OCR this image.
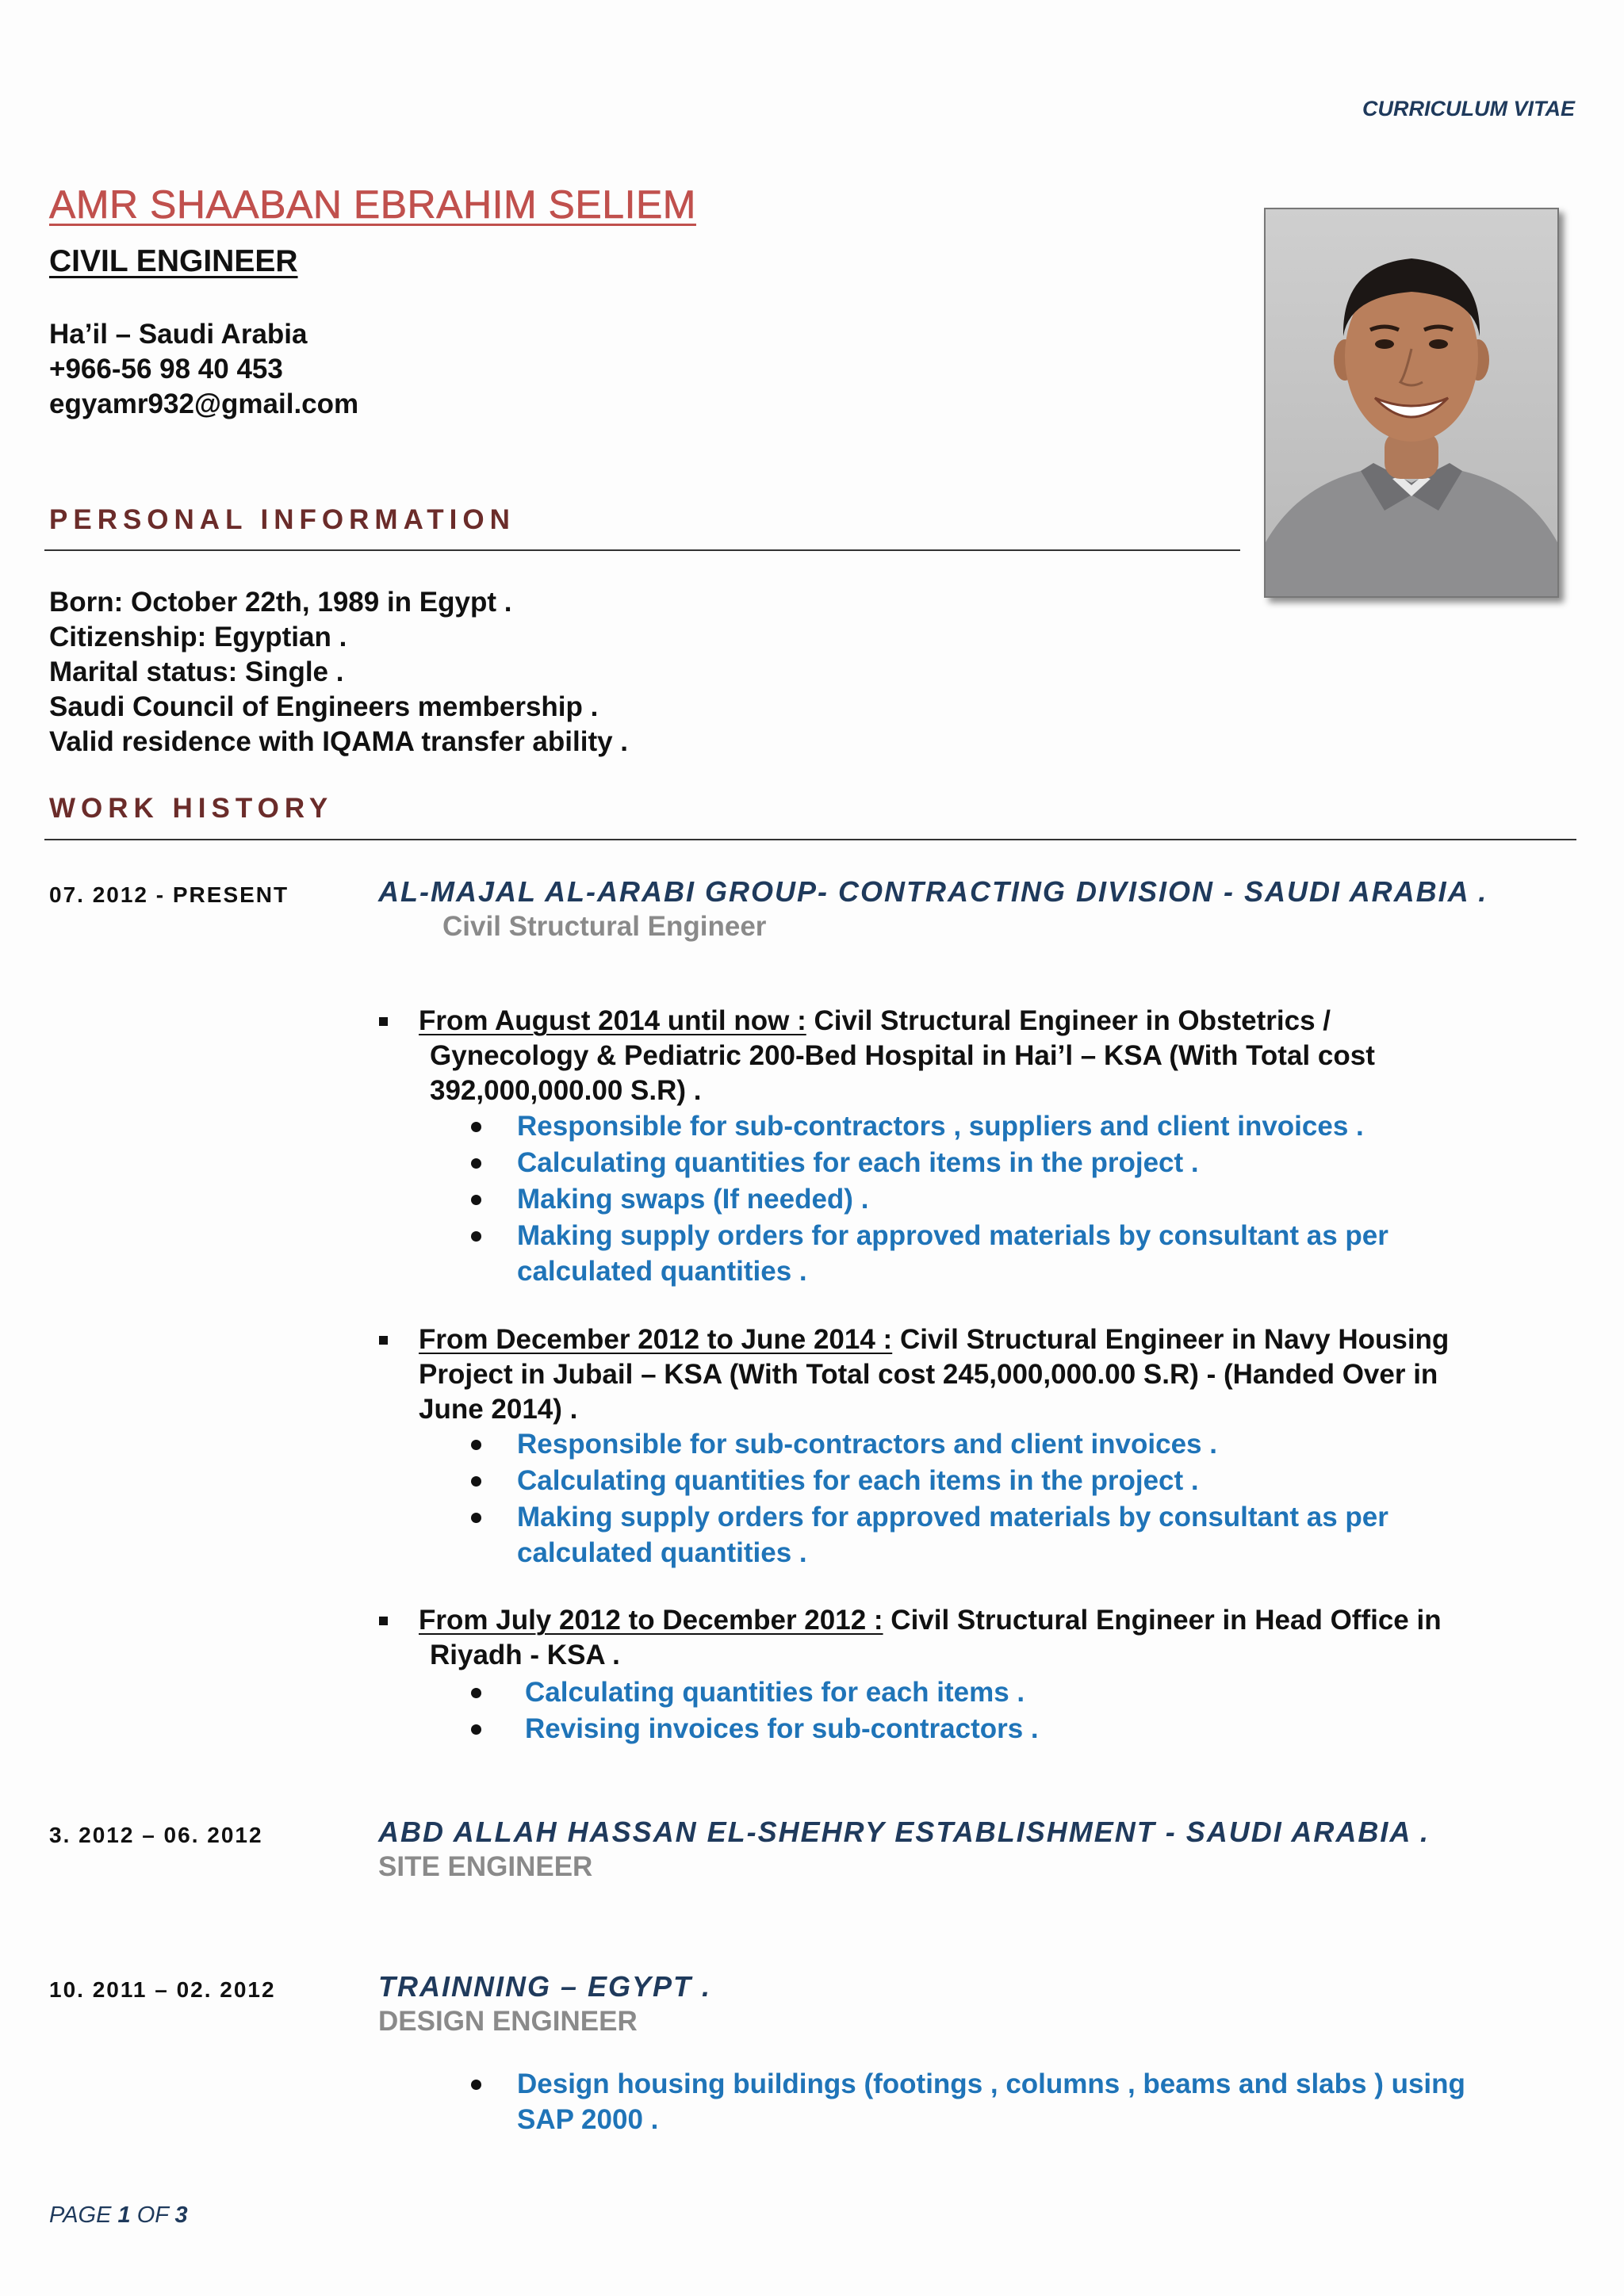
CURRICULUM VITAE
AMR SHAABAN EBRAHIM SELIEM
CIVIL ENGINEER
Ha’il – Saudi Arabia
+966-56 98 40 453
egyamr932@gmail.com
PERSONAL INFORMATION
Born: October 22th, 1989 in Egypt .
Citizenship: Egyptian .
Marital status: Single .
Saudi Council of Engineers membership .
Valid residence with IQAMA transfer ability .
WORK HISTORY
07. 2012 - PRESENT	AL-MAJAL AL-ARABI GROUP- CONTRACTING DIVISION - SAUDI ARABIA .
Civil Structural Engineer
From August 2014 until now : Civil Structural Engineer in Obstetrics /
Gynecology & Pediatric 200-Bed Hospital in Hai’l – KSA (With Total cost
392,000,000.00 S.R) .
Responsible for sub-contractors , suppliers and client invoices .
Calculating quantities for each items in the project .
Making swaps (If needed) .
Making supply orders for approved materials by consultant as per
calculated quantities .
From December 2012 to June 2014 : Civil Structural Engineer in Navy Housing
Project in Jubail – KSA (With Total cost 245,000,000.00 S.R) - (Handed Over in
June 2014) .
Responsible for sub-contractors and client invoices .
Calculating quantities for each items in the project .
Making supply orders for approved materials by consultant as per
calculated quantities .
From July 2012 to December 2012 : Civil Structural Engineer in Head Office in
Riyadh - KSA .
Calculating quantities for each items .
Revising invoices for sub-contractors .
3. 2012 – 06. 2012	ABD ALLAH HASSAN EL-SHEHRY ESTABLISHMENT - SAUDI ARABIA .
SITE ENGINEER
10. 2011 – 02. 2012	TRAINNING – EGYPT .
DESIGN ENGINEER
Design housing buildings (footings , columns , beams and slabs ) using
SAP 2000 .
PAGE 1 OF 3
